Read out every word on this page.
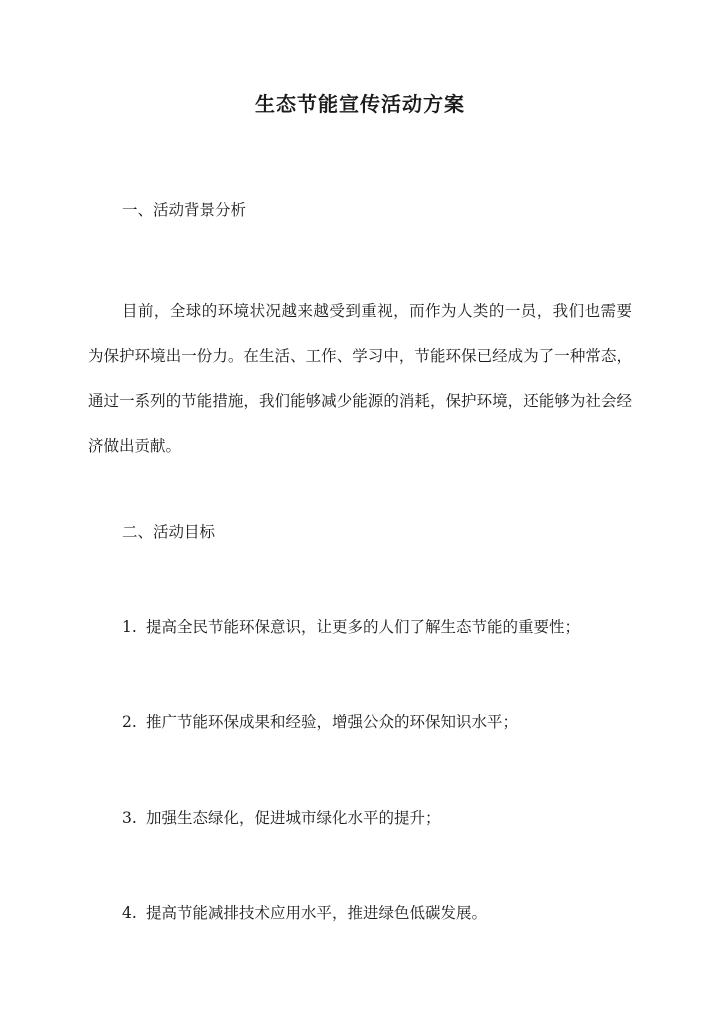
生态节能宣传活动方案
一、活动背景分析
目前，全球的环境状况越来越受到重视，而作为人类的一员，我们也需要为保护环境出一份力。在生活、工作、学习中，节能环保已经成为了一种常态，通过一系列的节能措施，我们能够减少能源的消耗，保护环境，还能够为社会经济做出贡献。
二、活动目标
1. 提高全民节能环保意识，让更多的人们了解生态节能的重要性；
2. 推广节能环保成果和经验，增强公众的环保知识水平；
3. 加强生态绿化，促进城市绿化水平的提升；
4. 提高节能减排技术应用水平，推进绿色低碳发展。
